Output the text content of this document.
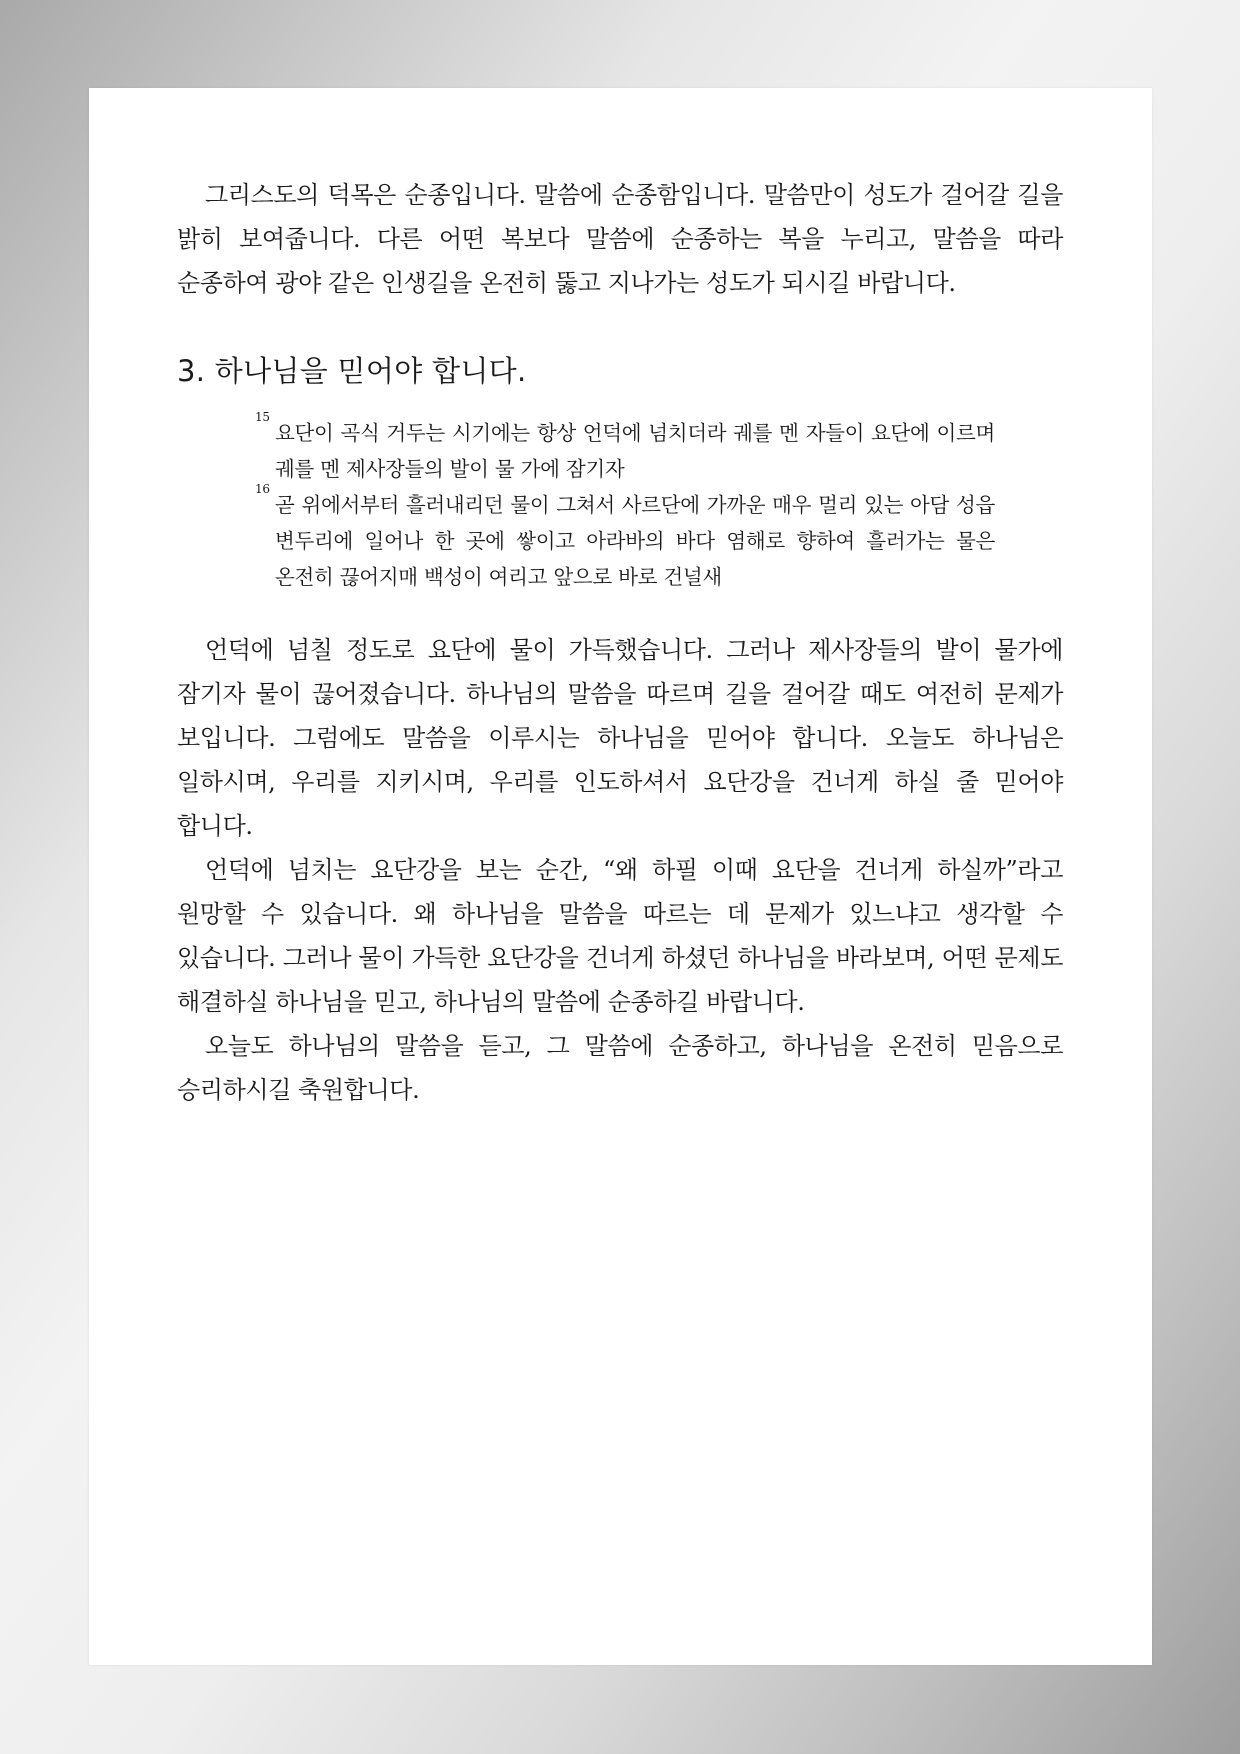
그리스도의 덕목은 순종입니다. 말씀에 순종함입니다. 말씀만이 성도가 걸어갈 길을 밝히 보여줍니다. 다른 어떤 복보다 말씀에 순종하는 복을 누리고, 말씀을 따라 순종하여 광야 같은 인생길을 온전히 뚫고 지나가는 성도가 되시길 바랍니다.

3. 하나님을 믿어야 합니다.
15
요단이 곡식 거두는 시기에는 항상 언덕에 넘치더라 궤를 멘 자들이 요단에 이르며 궤를 멘 제사장들의 발이 물 가에 잠기자
16
곧 위에서부터 흘러내리던 물이 그쳐서 사르단에 가까운 매우 멀리 있는 아담 성읍 변두리에 일어나 한 곳에 쌓이고 아라바의 바다 염해로 향하여 흘러가는 물은 온전히 끊어지매 백성이 여리고 앞으로 바로 건널새

언덕에 넘칠 정도로 요단에 물이 가득했습니다. 그러나 제사장들의 발이 물가에 잠기자 물이 끊어졌습니다. 하나님의 말씀을 따르며 길을 걸어갈 때도 여전히 문제가 보입니다. 그럼에도 말씀을 이루시는 하나님을 믿어야 합니다. 오늘도 하나님은 일하시며, 우리를 지키시며, 우리를 인도하셔서 요단강을 건너게 하실 줄 믿어야 합니다.

언덕에 넘치는 요단강을 보는 순간, “왜 하필 이때 요단을 건너게 하실까”라고 원망할 수 있습니다. 왜 하나님을 말씀을 따르는 데 문제가 있느냐고 생각할 수 있습니다. 그러나 물이 가득한 요단강을 건너게 하셨던 하나님을 바라보며, 어떤 문제도 해결하실 하나님을 믿고, 하나님의 말씀에 순종하길 바랍니다.

오늘도 하나님의 말씀을 듣고, 그 말씀에 순종하고, 하나님을 온전히 믿음으로 승리하시길 축원합니다.
